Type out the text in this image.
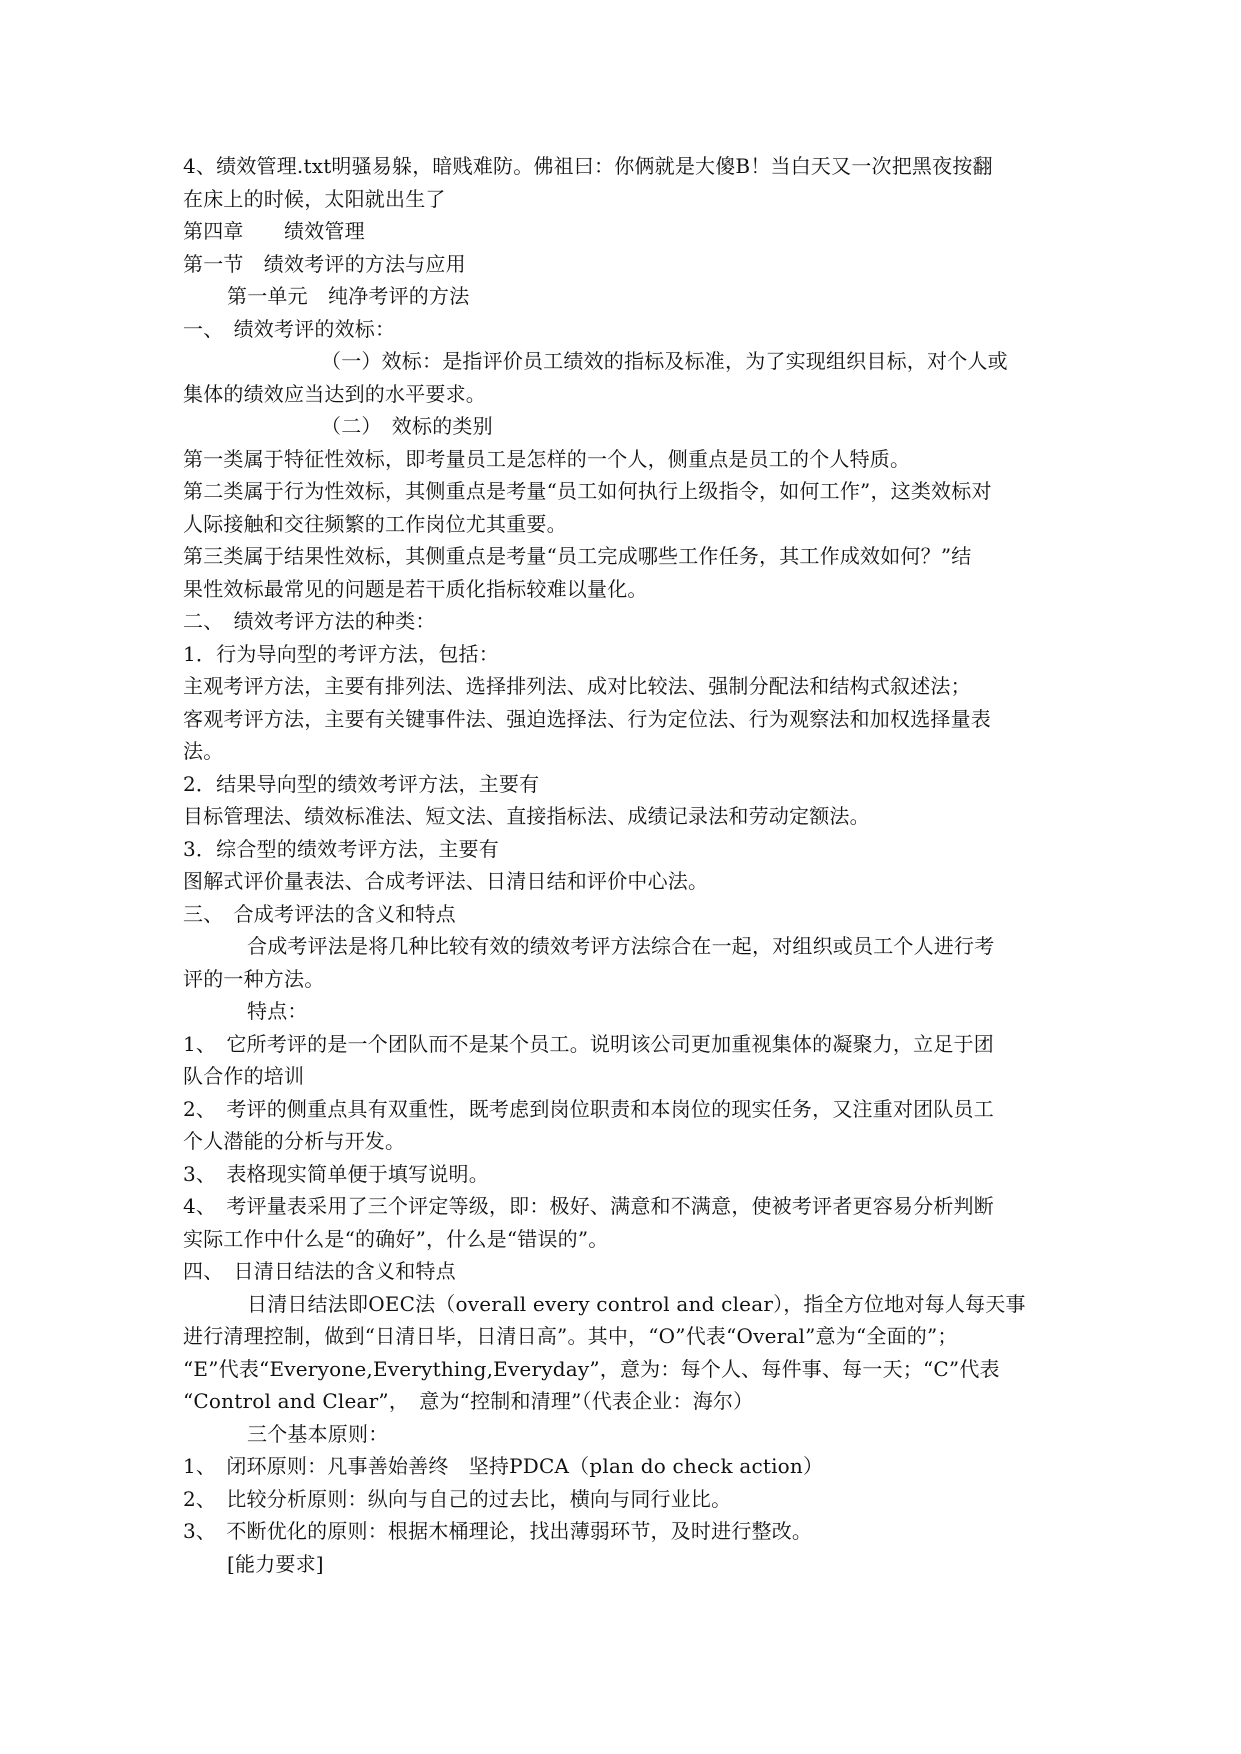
4、绩效管理.txt明骚易躲，暗贱难防。佛祖曰：你俩就是大傻B！当白天又一次把黑夜按翻
在床上的时候，太阳就出生了
第四章　　绩效管理
第一节　绩效考评的方法与应用
第一单元　纯净考评的方法
一、　绩效考评的效标：
（一）效标：是指评价员工绩效的指标及标准，为了实现组织目标，对个人或
集体的绩效应当达到的水平要求。
（二）　效标的类别
第一类属于特征性效标，即考量员工是怎样的一个人，侧重点是员工的个人特质。
第二类属于行为性效标，其侧重点是考量“员工如何执行上级指令，如何工作”，这类效标对
人际接触和交往频繁的工作岗位尤其重要。
第三类属于结果性效标，其侧重点是考量“员工完成哪些工作任务，其工作成效如何？”结
果性效标最常见的问题是若干质化指标较难以量化。
二、　绩效考评方法的种类：
1．行为导向型的考评方法，包括：
主观考评方法，主要有排列法、选择排列法、成对比较法、强制分配法和结构式叙述法；
客观考评方法，主要有关键事件法、强迫选择法、行为定位法、行为观察法和加权选择量表
法。
2．结果导向型的绩效考评方法，主要有
目标管理法、绩效标准法、短文法、直接指标法、成绩记录法和劳动定额法。
3．综合型的绩效考评方法，主要有
图解式评价量表法、合成考评法、日清日结和评价中心法。
三、　合成考评法的含义和特点
合成考评法是将几种比较有效的绩效考评方法综合在一起，对组织或员工个人进行考
评的一种方法。
特点：
1、　它所考评的是一个团队而不是某个员工。说明该公司更加重视集体的凝聚力，立足于团
队合作的培训
2、　考评的侧重点具有双重性，既考虑到岗位职责和本岗位的现实任务，又注重对团队员工
个人潜能的分析与开发。
3、　表格现实简单便于填写说明。
4、　考评量表采用了三个评定等级，即：极好、满意和不满意，使被考评者更容易分析判断
实际工作中什么是“的确好”，什么是“错误的”。
四、　日清日结法的含义和特点
日清日结法即OEC法（overall every control and clear），指全方位地对每人每天事
进行清理控制，做到“日清日毕，日清日高”。其中，“O”代表“Overal”意为“全面的”；
“E”代表“Everyone,Everything,Everyday”，意为：每个人、每件事、每一天；“C”代表
“Control and Clear”，　意为“控制和清理”（代表企业：海尔）
三个基本原则：
1、　闭环原则：凡事善始善终　坚持PDCA（plan do check action）
2、　比较分析原则：纵向与自己的过去比，横向与同行业比。
3、　不断优化的原则：根据木桶理论，找出薄弱环节，及时进行整改。
[能力要求]
